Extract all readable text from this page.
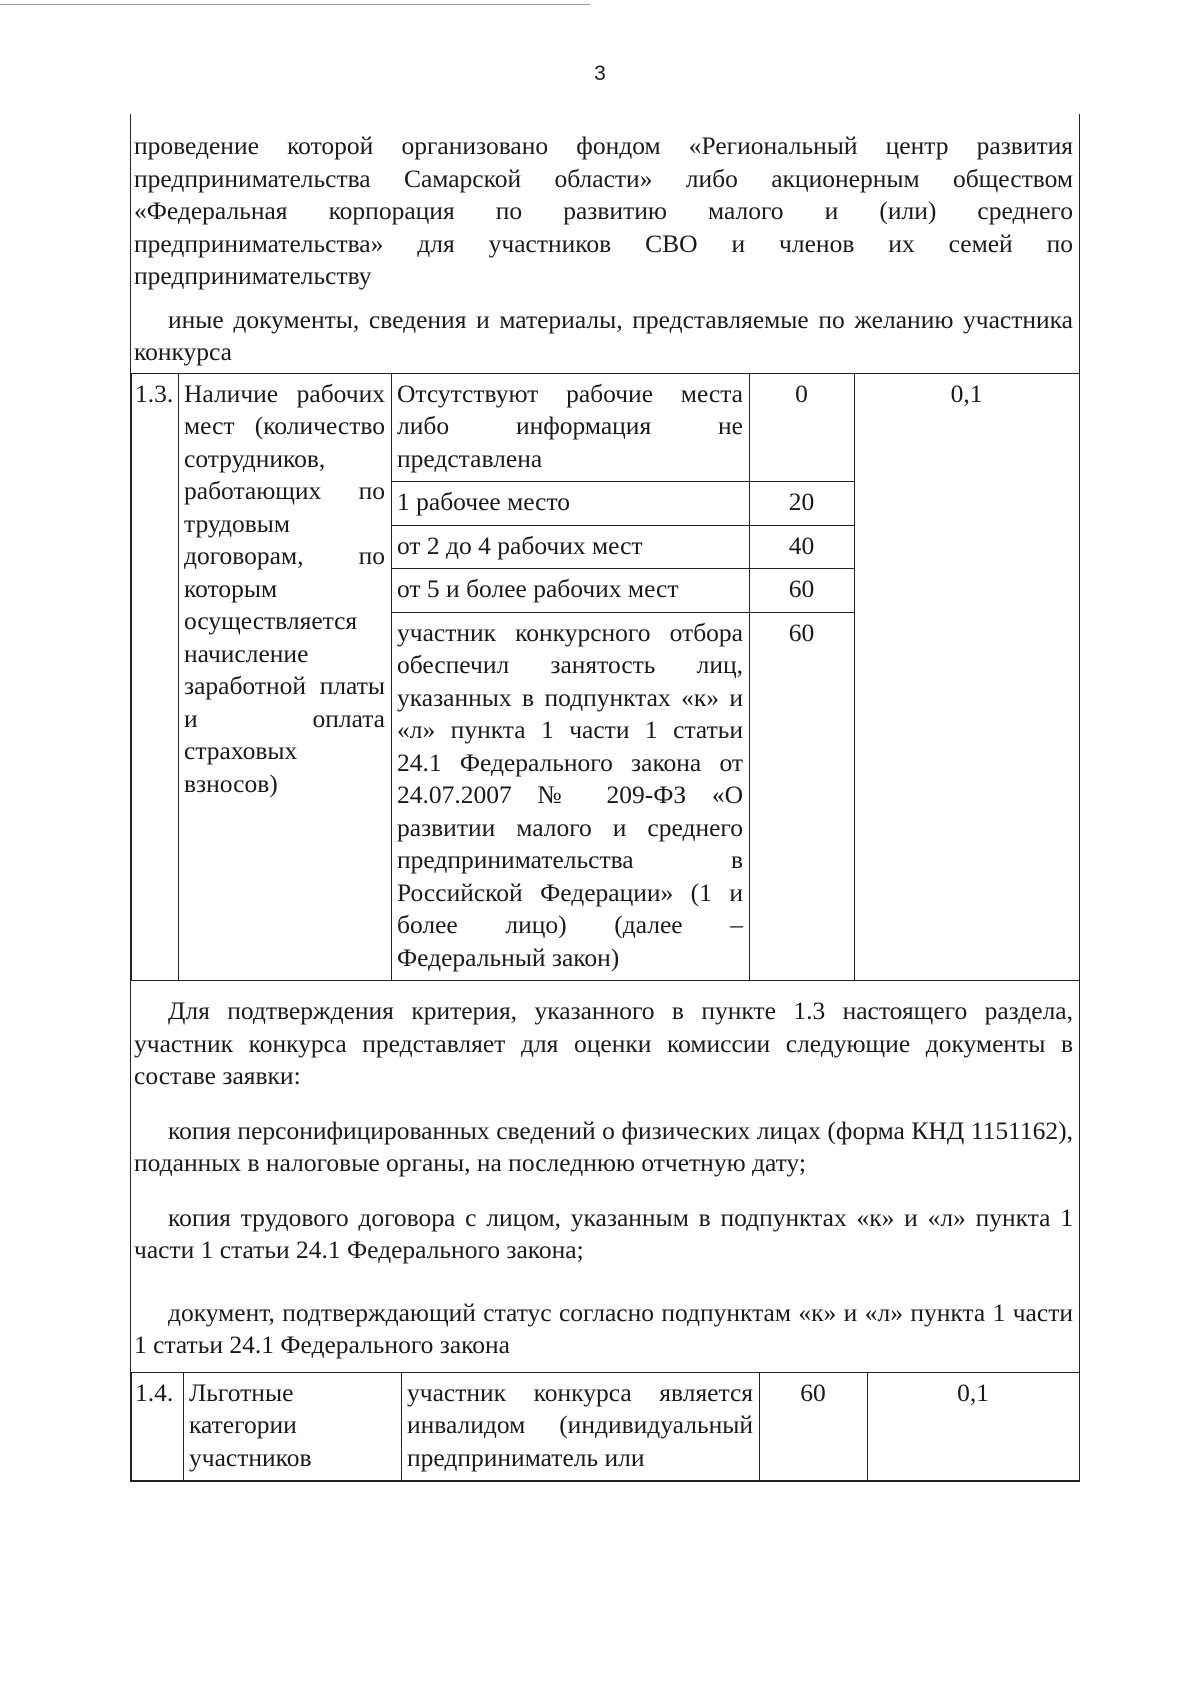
3

проведение которой организовано фондом «Региональный центр развития предпринимательства Самарской области» либо акционерным обществом «Федеральная корпорация по развитию малого и (или) среднего предпринимательства» для участников СВО и членов их семей по предпринимательству

иные документы, сведения и материалы, представляемые по желанию участника конкурса

1.3.	Наличие рабочих мест (количество сотрудников, работающих по трудовым договорам, по которым осуществляется начисление заработной платы и оплата страховых взносов)	Отсутствуют рабочие места либо информация не представлена	0	0,1
		1 рабочее место	20	
		от 2 до 4 рабочих мест	40	
		от 5 и более рабочих мест	60	
		участник конкурсного отбора обеспечил занятость лиц, указанных в подпунктах «к» и «л» пункта 1 части 1 статьи 24.1 Федерального закона от 24.07.2007 № 209-ФЗ «О развитии малого и среднего предпринимательства в Российской Федерации» (1 и более лицо) (далее – Федеральный закон)	60	

Для подтверждения критерия, указанного в пункте 1.3 настоящего раздела, участник конкурса представляет для оценки комиссии следующие документы в составе заявки:

копия персонифицированных сведений о физических лицах (форма КНД 1151162), поданных в налоговые органы, на последнюю отчетную дату;

копия трудового договора с лицом, указанным в подпунктах «к» и «л» пункта 1 части 1 статьи 24.1 Федерального закона;

документ, подтверждающий статус согласно подпунктам «к» и «л» пункта 1 части 1 статьи 24.1 Федерального закона

1.4.	Льготные категории участников	участник конкурса является инвалидом (индивидуальный предприниматель или	60	0,1
